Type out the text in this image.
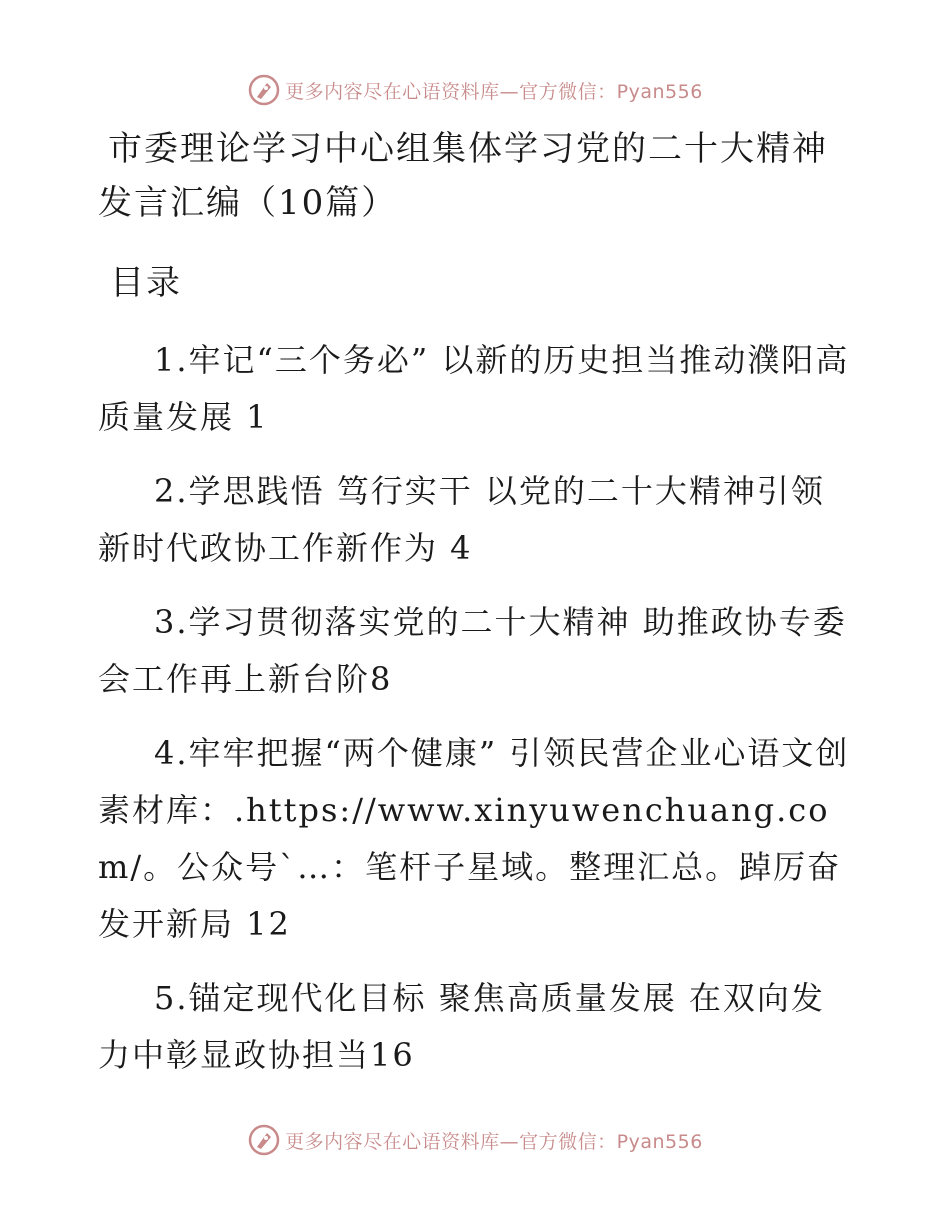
更多内容尽在心语资料库—官方微信：Pyan556
市委理论学习中心组集体学习党的二十大精神发言汇编（10篇）
目录

1.牢记“三个务必” 以新的历史担当推动濮阳高质量发展 1

2.学思践悟 笃行实干 以党的二十大精神引领新时代政协工作新作为 4

3.学习贯彻落实党的二十大精神 助推政协专委会工作再上新台阶8

4.牢牢把握“两个健康” 引领民营企业心语文创素材库：.https://www.xinyuwenchuang.com/。公众号`…：笔杆子星域。整理汇总。踔厉奋发开新局 12

5.锚定现代化目标 聚焦高质量发展 在双向发力中彰显政协担当16

更多内容尽在心语资料库—官方微信：Pyan556
